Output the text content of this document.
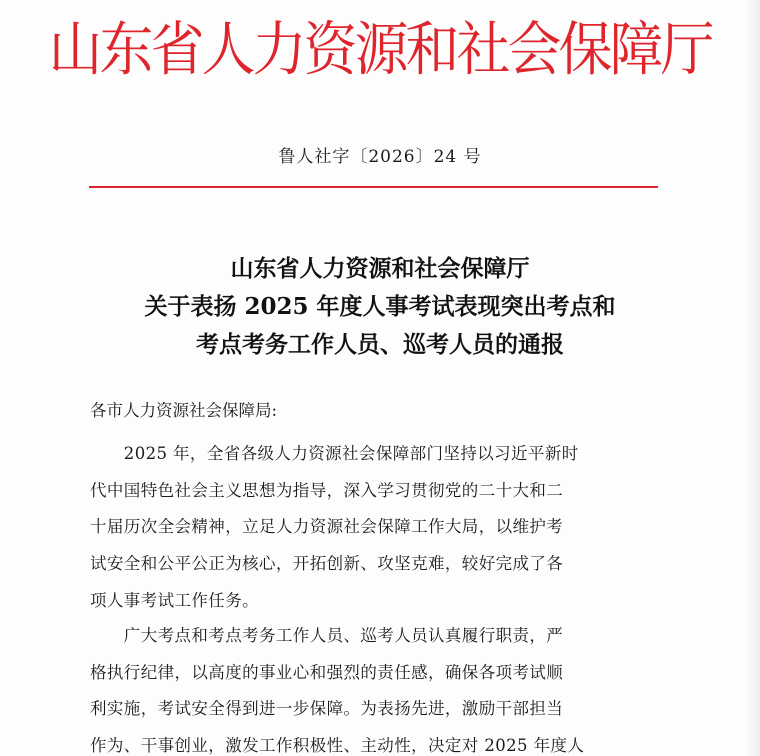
山东省人力资源和社会保障厅
鲁人社字〔2026〕24 号
山东省人力资源和社会保障厅
关于表扬 2025 年度人事考试表现突出考点和
考点考务工作人员、巡考人员的通报
各市人力资源社会保障局:
　　2025 年，全省各级人力资源社会保障部门坚持以习近平新时
代中国特色社会主义思想为指导，深入学习贯彻党的二十大和二
十届历次全会精神，立足人力资源社会保障工作大局，以维护考
试安全和公平公正为核心，开拓创新、攻坚克难，较好完成了各
项人事考试工作任务。
　　广大考点和考点考务工作人员、巡考人员认真履行职责，严
格执行纪律，以高度的事业心和强烈的责任感，确保各项考试顺
利实施，考试安全得到进一步保障。为表扬先进，激励干部担当
作为、干事创业，激发工作积极性、主动性，决定对 2025 年度人
